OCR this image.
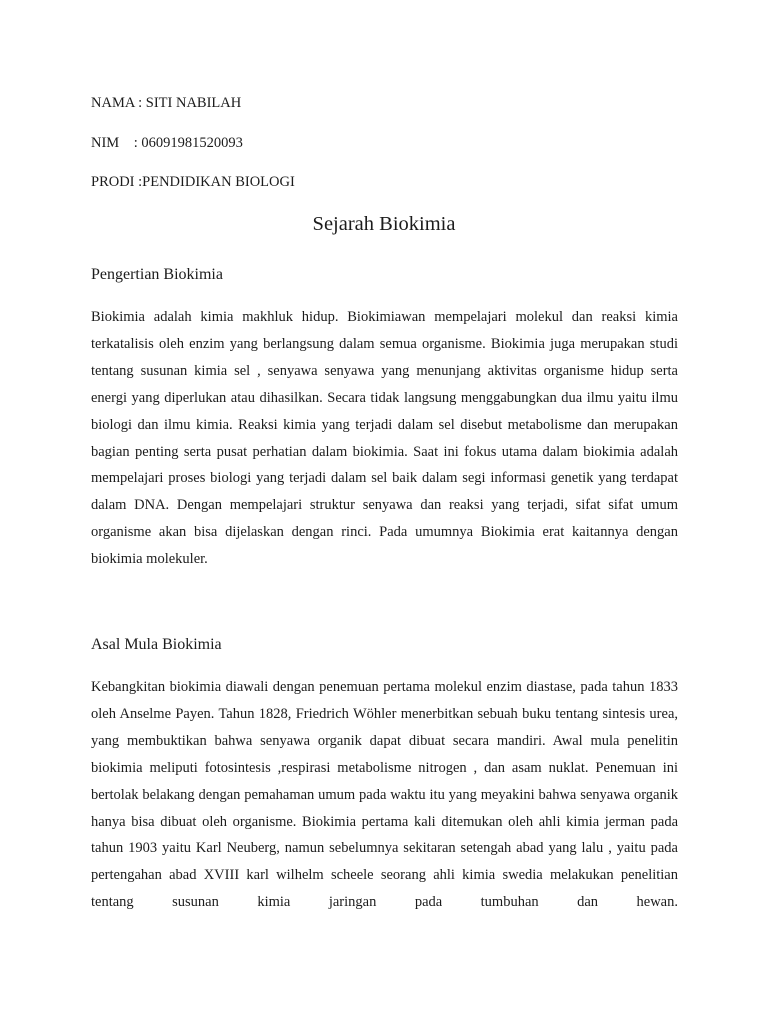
NAMA : SITI NABILAH

NIM    : 06091981520093

PRODI :PENDIDIKAN BIOLOGI

Sejarah Biokimia
Pengertian Biokimia

Biokimia adalah kimia makhluk hidup. Biokimiawan mempelajari molekul dan reaksi kimia terkatalisis oleh enzim yang berlangsung dalam semua organisme. Biokimia juga merupakan studi tentang susunan kimia sel , senyawa senyawa yang menunjang aktivitas organisme hidup serta energi yang diperlukan atau dihasilkan. Secara tidak langsung menggabungkan dua ilmu yaitu ilmu biologi dan ilmu kimia. Reaksi kimia yang terjadi dalam sel disebut metabolisme dan merupakan bagian penting serta pusat perhatian dalam biokimia. Saat ini fokus utama dalam biokimia adalah mempelajari proses biologi yang terjadi dalam sel baik dalam segi informasi genetik yang terdapat dalam DNA. Dengan mempelajari struktur senyawa dan reaksi yang terjadi, sifat sifat umum organisme akan bisa dijelaskan dengan rinci. Pada umumnya Biokimia erat kaitannya dengan biokimia molekuler.

Asal Mula Biokimia

Kebangkitan biokimia diawali dengan penemuan pertama molekul enzim diastase, pada tahun 1833 oleh Anselme Payen. Tahun 1828, Friedrich Wöhler menerbitkan sebuah buku tentang sintesis urea, yang membuktikan bahwa senyawa organik dapat dibuat secara mandiri. Awal mula penelitin biokimia meliputi fotosintesis ,respirasi metabolisme nitrogen , dan asam nuklat. Penemuan ini bertolak belakang dengan pemahaman umum pada waktu itu yang meyakini bahwa senyawa organik hanya bisa dibuat oleh organisme. Biokimia pertama kali ditemukan oleh ahli kimia jerman pada tahun 1903 yaitu Karl Neuberg, namun sebelumnya sekitaran setengah abad yang lalu , yaitu pada pertengahan abad XVIII karl wilhelm scheele seorang ahli kimia swedia melakukan penelitian tentang susunan kimia jaringan pada tumbuhan dan hewan.
